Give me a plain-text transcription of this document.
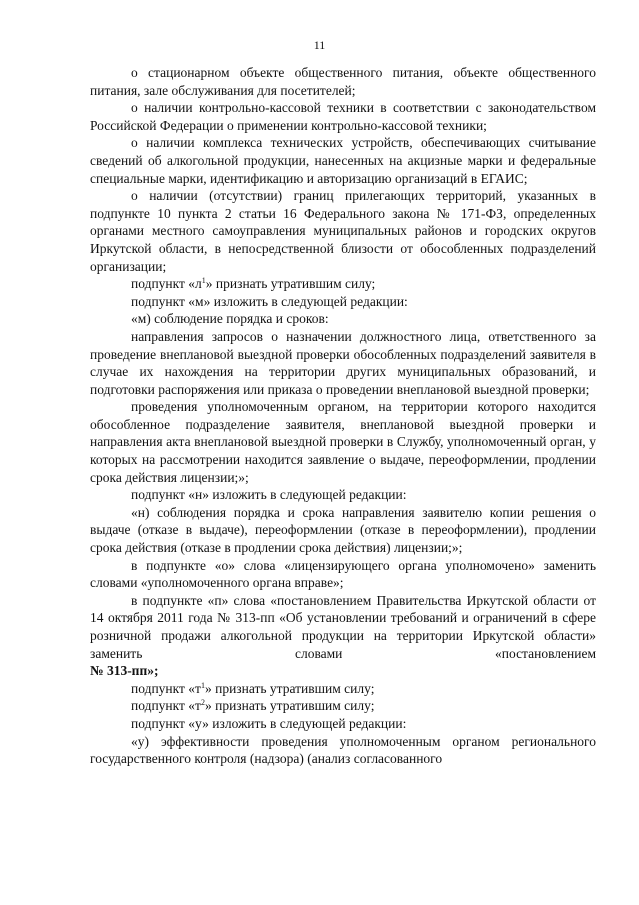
11

о стационарном объекте общественного питания, объекте общественного питания, зале обслуживания для посетителей;

о наличии контрольно-кассовой техники в соответствии с законодательством Российской Федерации о применении контрольно-кассовой техники;

о наличии комплекса технических устройств, обеспечивающих считывание сведений об алкогольной продукции, нанесенных на акцизные марки и федеральные специальные марки, идентификацию и авторизацию организаций в ЕГАИС;

о наличии (отсутствии) границ прилегающих территорий, указанных в подпункте 10 пункта 2 статьи 16 Федерального закона № 171-ФЗ, определенных органами местного самоуправления муниципальных районов и городских округов Иркутской области, в непосредственной близости от обособленных подразделений организации;

подпункт «$л^1$» признать утратившим силу;

подпункт «м» изложить в следующей редакции:

«м) соблюдение порядка и сроков:

направления запросов о назначении должностного лица, ответственного за проведение внеплановой выездной проверки обособленных подразделений заявителя в случае их нахождения на территории других муниципальных образований, и подготовки распоряжения или приказа о проведении внеплановой выездной проверки;

проведения уполномоченным органом, на территории которого находится обособленное подразделение заявителя, внеплановой выездной проверки и направления акта внеплановой выездной проверки в Службу, уполномоченный орган, у которых на рассмотрении находится заявление о выдаче, переоформлении, продлении срока действия лицензии;»;

подпункт «н» изложить в следующей редакции:

«н) соблюдения порядка и срока направления заявителю копии решения о выдаче (отказе в выдаче), переоформлении (отказе в переоформлении), продлении срока действия (отказе в продлении срока действия) лицензии;»;

в подпункте «о» слова «лицензирующего органа уполномочено» заменить словами «уполномоченного органа вправе»;

в подпункте «п» слова «постановлением Правительства Иркутской области от 14 октября 2011 года № 313-пп «Об установлении требований и ограничений в сфере розничной продажи алкогольной продукции на территории Иркутской области» заменить словами «постановлением

№ 313-пп»;

подпункт «$т^1$» признать утратившим силу;

подпункт «$т^2$» признать утратившим силу;

подпункт «у» изложить в следующей редакции:

«у) эффективности проведения уполномоченным органом регионального государственного контроля (надзора) (анализ согласованного
